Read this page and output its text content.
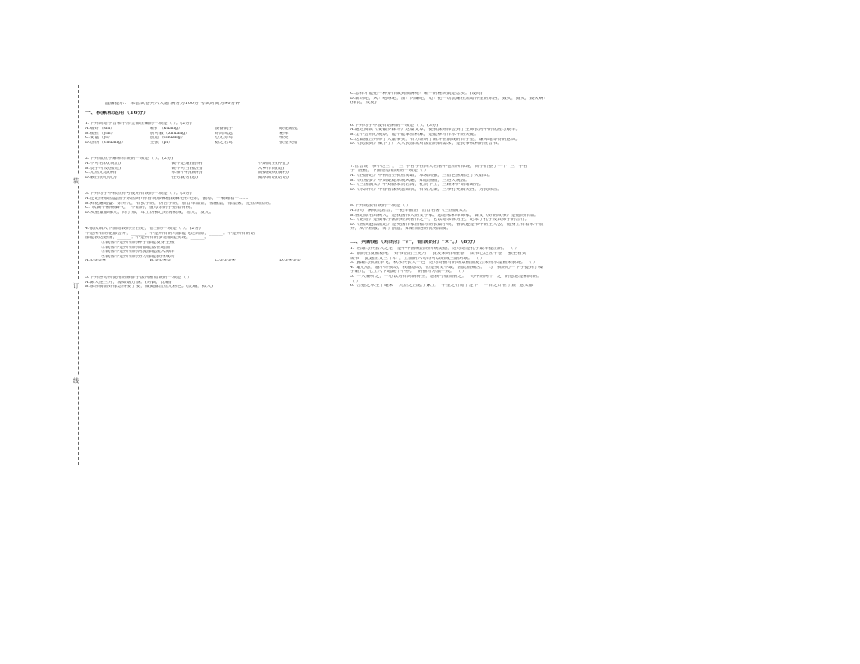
装
订
线
温馨提示： 本套试卷共六大题 满分为100分 考试时间为90分钟
一、积累和运用（16分）
1.下列词语字音和字形全部正确的一项是（ ）。(2分)
A.嗜好（shì）	唯扩（kuàng）	凑备就手	眼花缭乱
B.梳拉（yīn）	别可毅（zhuàng）	好高骛远	秘率
C.安谧（yì）	创造（chuàng）	心无旁骛	嘹亮
D.创伤（chuàng）	主张（pī）	稳之若鹜	张皇失措
2.下列加点字解释有误的一项是（ ）。(2分)
A.不可名状(说出)	微不足道(值得)	不期而至(停止)
B.畏手可及(接近)	锐不可当(抵挡)	入乡作问(追)
C.光然无恙(病)	永垂不朽(腐朽)	南孺摸疾(腐朽)
D.触目伤心(心)	任劳就劳(思)	微厚斯语(话语)
3.下列句子中标点符号使用有误的一项是（ ）。(3分)
A.还记得那园篮国学乐园吗?你曾说那株植栽棘毛杉毛杂，傲寒，一朝睡着一……
B.鲜花遍地盛：杂开儿，有玄学的，仿古学的，胆自单品显，像蘸墨，像墨雾，还丝绸丝的。
C."吹湖不断畅脚气，"不错的，值母亲的手拈着骨粉。
D.从重量都哪儿，同了那，耳上仿佛已经再被成，者儿，发儿。
4.依次填入下面语段的空白处，恰当的一项是（ ）。(2分)
不是所有的花都会开，______；不是所有的鸟都能飞过高原，______；不是所有的话
都能表达感情，______；不是所有的梦想都能实现，______。
①就像不是所有的种子都能发芽生根
②就像不是所有的雨都能落在地面
③就像不是所有的河流都能流入海洋
④就像不是所有的努力都能获得成功
A.①③②④	B.③①④②	C.②①③④	D.①④③②
5.下列各句所使用的修辞手法判断错误的一项是（ ）
A.陈大连三月，漫如烟万条。(对偶，比喻)
B.那赤膊雷好像急得要了要，微微露出点儿粉色。(比喻，拟人)
C.怎样才能把一种穿作做到颜满呢？唯一的秘诀就是忠实。(设问)
D.新功吧，风！咆哮吧，雷！闪耀吧，电！把一切沉睡在黑暗怀里的东西，毁灭，毁灭，毁灭啊！
(排比，反复)
6.下列句子中没有语病的一项是（ ）。(3分)
A.通过阅读《安徽罗森斗》这篇文章，使我深刻体会到了生命长河中的优渥与艰辛。
B.全不会用心观察，能不能拿捏积累，是能够写作水平的关键。
C.这篇报告列举了大量事实，有力证明了战斗在前线的日子里，谦卑地等待的意识。
D.《民法典》赋予了广大人民群众对法治的新需求，是民事权利的宣言书。
7.官言说 "事不过三"，"三"字哲学在四大名著中也有所体现，同学们整了一个 "三" 字哲
学" 展板，下面信息错误的一项是（ ）
A.《西游记》中孙悟空机智勇敢，本领高强，三借芭蕉扇过了火焰山。
B.《红楼梦》中刘姥姥乐观风趣，知恩图报，三进大观园。
C.《三国演义》中刘备求贤若渴，礼贤下士，三顾茅庐请诸葛亮。
D.《水浒传》中春智深疾恶如仇，有勇无谋，三拳打死镇关西，为民除害。
8.下列说法有误的一项是（ ）
A.诗句 "满纸荒唐言，一把辛酸泪" 出自名著《三国演义》。
B.鲁迅原名周树人，是我国伟大的文学家、思想家和革命家，课文《好的故事》是他的作品。
C.《论语》是儒家学派的经典著作之一，它以语录体为主，记录了孔子及其弟子的言行。
D.《鲁滨逊漂流记》是英国作家笛福写的长篇小说，鲁滨逊是书中的主人公，他身上有着永不放
弃，从不屈服、勇于创造、知难而进的优秀品质。
二、判断题（对的打 "√"，错误的打 "×"。）（8分）
1."君谁与共去人之老" 是中中国统治的传统美德，这句话是孔子最早提出的。 （ ）
2."前的白发催稳笔" "好书悟后三更月" "良友来时四座春" "读书已过五千卷" "独坐看头
谈书" "此题正文三十年"，上面的六句诗可以组成三副对联。 （ ）
3."露霜与抗敌争飞，秋水共长天一色" 这句诗描写的场景极面复合采用水墨画来表现。 （ ）
4."耻心想，越不许我动，我越想动，但是我又不敢，因此很痛苦。" 与 "我的心一下子提到了嗓
子眼儿，七上八下地跳个不停。" 的描写方法一致。 （ ）
5."一人兼听之，一心以为有鸿鹄将至，思援弓缴而射之。" 句中的两个 "之" 的意思是相同的。
（ ）
6."合抱之木生于毫末" "九层之台起于累土" "千里之行始于足下" "一日之计在于晨" 意义都
